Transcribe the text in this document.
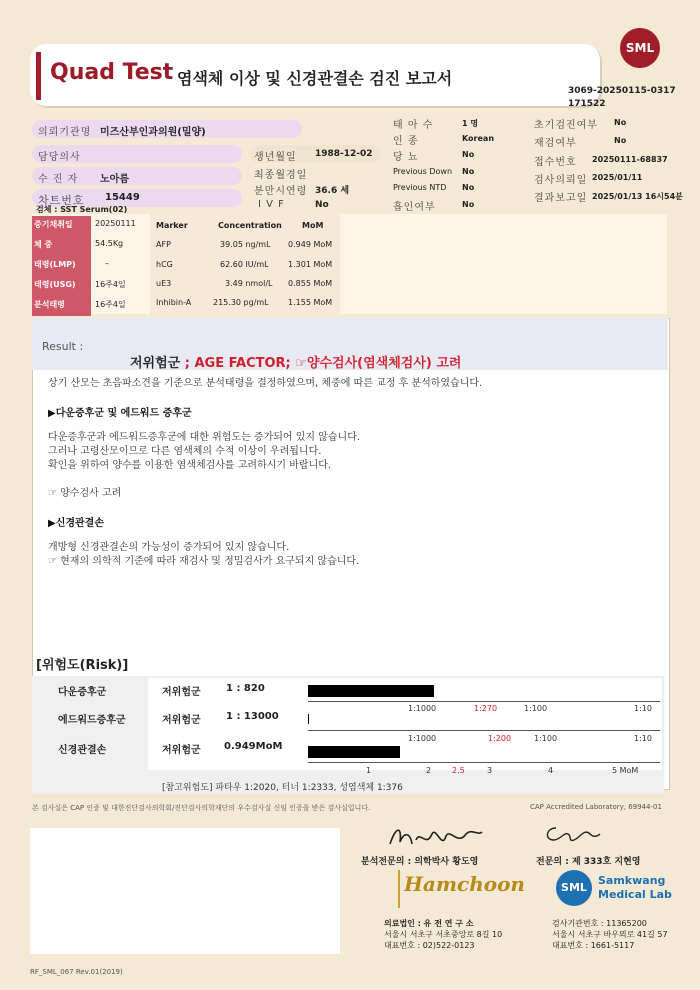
Quad Test 염색체 이상 및 신경관결손 검진 보고서
SML
3069-20250115-0317
171522
의뢰기관명 미즈산부인과의원(밀양)
담당의사
수 진 자 노아름
차트번호 15449
검체 : SST Serum(02)
생년월일 1988-12-02
최종월경일
분만시연령 36.6 세
I V F	No
태 아 수	1 명
인 종	Korean
당 뇨	No
Previous Down No
Previous NTD No
흡인여부	No
초기검진여부 No
재검여부	No
접수번호 20250111-68837
검사의뢰일 2025/01/11
결과보고일 2025/01/13 16시54분
중기채취일	20250111
체 중	54.5Kg
태령(LMP)	–
태령(USG)	16주4일
분석태령	16주4일
Marker	Concentration	MoM
AFP	39.05 ng/mL 0.949 MoM
hCG	62.60 IU/mL 1.301 MoM
uE3	3.49 nmol/L 0.855 MoM
Inhibin-A	215.30 pg/mL 1.155 MoM
Result :
저위험군 ; AGE FACTOR; ☞양수검사(염색체검사) 고려
상기 산모는 초음파소견을 기준으로 분석태령을 결정하였으며, 체중에 따른 교정 후 분석하였습니다.
▶다운증후군 및 에드워드 증후군
다운증후군과 에드워드증후군에 대한 위험도는 증가되어 있지 않습니다.
그러나 고령산모이므로 다른 염색체의 수적 이상이 우려됩니다.
확인을 위하여 양수를 이용한 염색체검사를 고려하시기 바랍니다.
☞ 양수검사 고려
▶신경관결손
개방형 신경관결손의 가능성이 증가되어 있지 않습니다.
☞ 현재의 의학적 기준에 따라 재검사 및 정밀검사가 요구되지 않습니다.
[위험도(Risk)]
다운증후군	저위험군	1 : 820
1:1000	1:270	1:100	1:10
에드워드증후군	저위험군	1 : 13000
1:1000	1:200	1:100	1:10
신경관결손	저위험군 0.949MoM
1	2	2.5	3	4	5 MoM
[참고위험도] 파타우 1:2020, 터너 1:2333, 성염색체 1:376
본 검사실은 CAP 인증 및 대한진단검사의학회/진단검사의학재단의 우수검사실 신임 인증을 받은 검사실입니다.	CAP Accredited Laboratory, 69944-01
분석전문의 : 의학박사 황도영	전문의 : 제 333호 지현영
Hamchoon	SML
Samkwang
Medical Lab
의료법인 : 유 전 연 구 소
서울시 서초구 서초중앙로 8길 10
대표번호 : 02)522-0123
검사기관번호 : 11365200
서울시 서초구 바우뫼로 41길 57
대표번호 : 1661-5117
RF_SML_067 Rev.01(2019)
